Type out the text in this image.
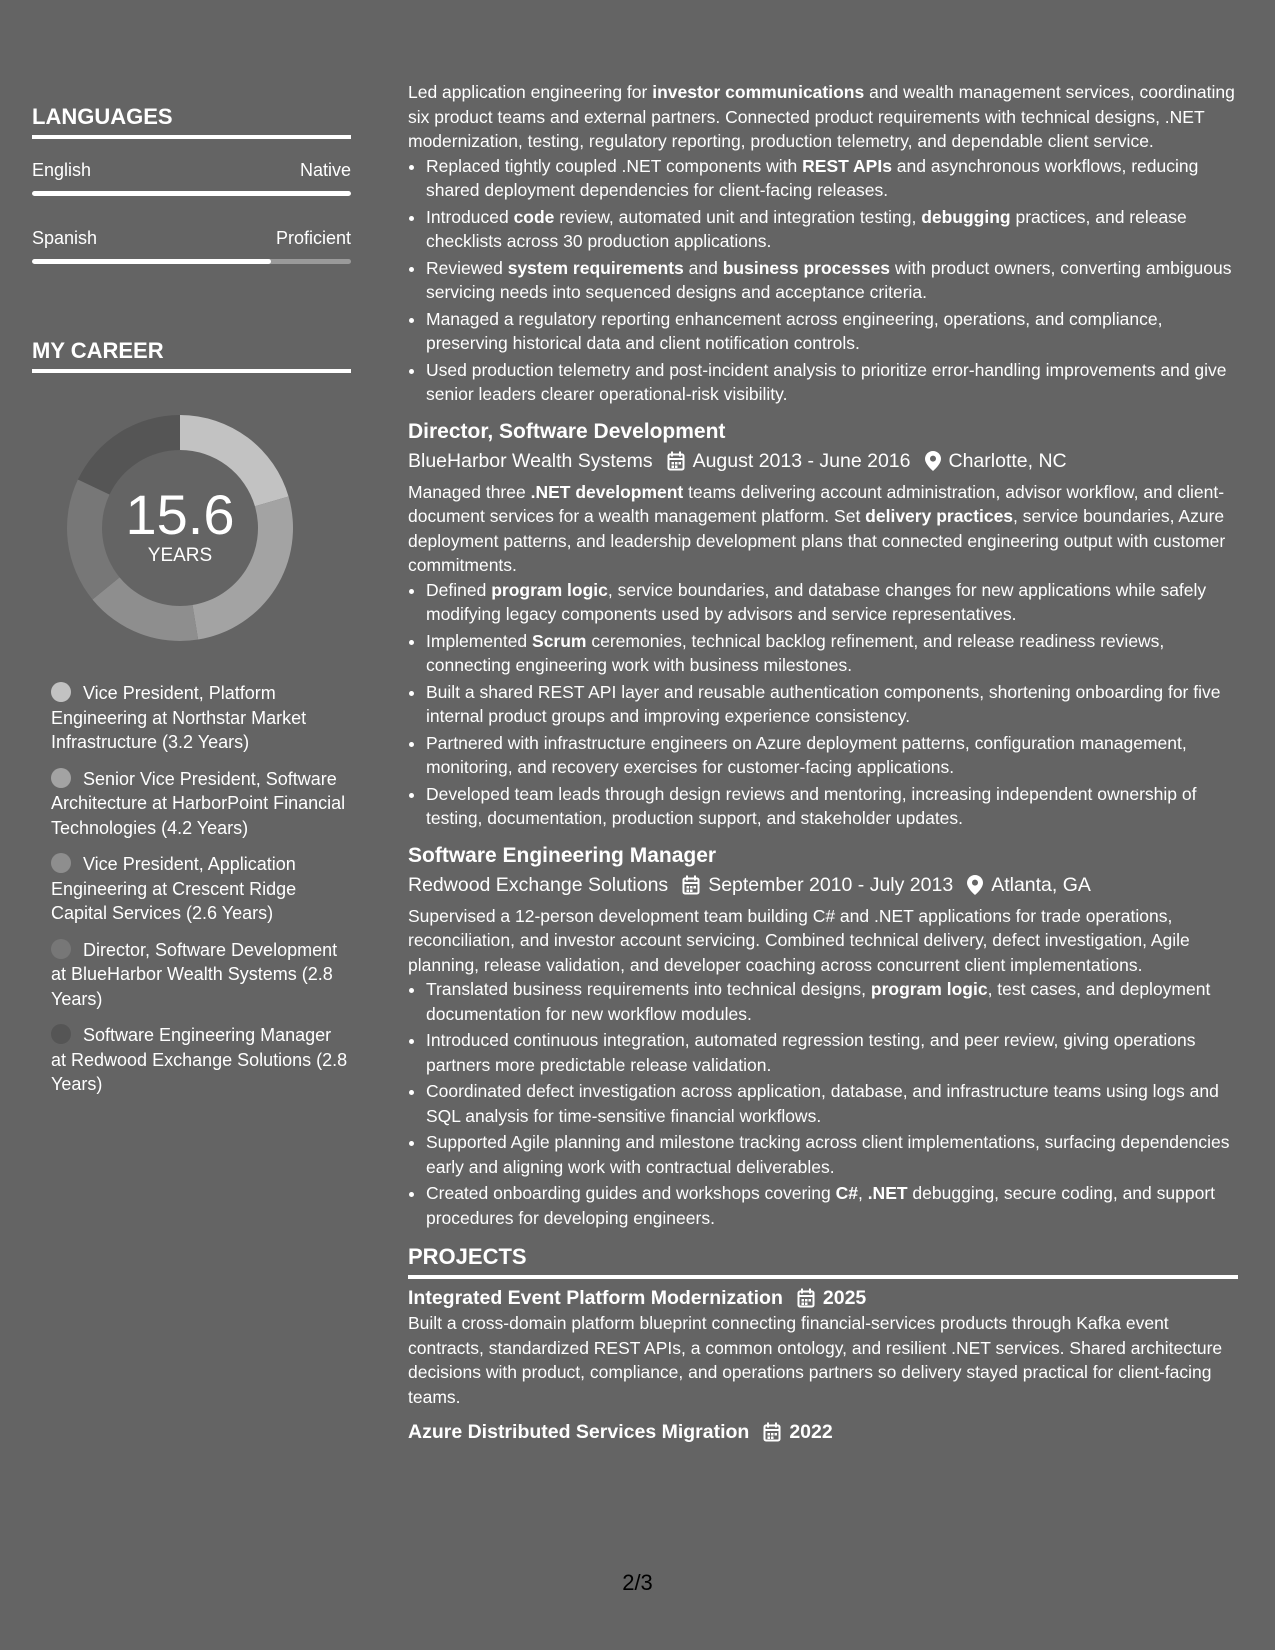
LANGUAGES
English	Native
Spanish	Proficient
MY CAREER
15.6
YEARS
Vice President, Platform Engineering at Northstar Market Infrastructure (3.2 Years)
Senior Vice President, Software Architecture at HarborPoint Financial Technologies (4.2 Years)
Vice President, Application Engineering at Crescent Ridge Capital Services (2.6 Years)
Director, Software Development at BlueHarbor Wealth Systems (2.8 Years)
Software Engineering Manager at Redwood Exchange Solutions (2.8 Years)

Led application engineering for investor communications and wealth management services, coordinating six product teams and external partners. Connected product requirements with technical designs, .NET modernization, testing, regulatory reporting, production telemetry, and dependable client service.

• Replaced tightly coupled .NET components with REST APIs and asynchronous workflows, reducing shared deployment dependencies for client-facing releases.
• Introduced code review, automated unit and integration testing, debugging practices, and release checklists across 30 production applications.
• Reviewed system requirements and business processes with product owners, converting ambiguous servicing needs into sequenced designs and acceptance criteria.
• Managed a regulatory reporting enhancement across engineering, operations, and compliance, preserving historical data and client notification controls.
• Used production telemetry and post-incident analysis to prioritize error-handling improvements and give senior leaders clearer operational-risk visibility.
Director, Software Development
BlueHarbor Wealth Systems August 2013 - June 2016 Charlotte, NC

Managed three .NET development teams delivering account administration, advisor workflow, and client-document services for a wealth management platform. Set delivery practices, service boundaries, Azure deployment patterns, and leadership development plans that connected engineering output with customer commitments.

• Defined program logic, service boundaries, and database changes for new applications while safely modifying legacy components used by advisors and service representatives.
• Implemented Scrum ceremonies, technical backlog refinement, and release readiness reviews, connecting engineering work with business milestones.
• Built a shared REST API layer and reusable authentication components, shortening onboarding for five internal product groups and improving experience consistency.
• Partnered with infrastructure engineers on Azure deployment patterns, configuration management, monitoring, and recovery exercises for customer-facing applications.
• Developed team leads through design reviews and mentoring, increasing independent ownership of testing, documentation, production support, and stakeholder updates.
Software Engineering Manager
Redwood Exchange Solutions September 2010 - July 2013 Atlanta, GA

Supervised a 12-person development team building C# and .NET applications for trade operations, reconciliation, and investor account servicing. Combined technical delivery, defect investigation, Agile planning, release validation, and developer coaching across concurrent client implementations.

• Translated business requirements into technical designs, program logic, test cases, and deployment documentation for new workflow modules.
• Introduced continuous integration, automated regression testing, and peer review, giving operations partners more predictable release validation.
• Coordinated defect investigation across application, database, and infrastructure teams using logs and SQL analysis for time-sensitive financial workflows.
• Supported Agile planning and milestone tracking across client implementations, surfacing dependencies early and aligning work with contractual deliverables.
• Created onboarding guides and workshops covering C#, .NET debugging, secure coding, and support procedures for developing engineers.
PROJECTS
Integrated Event Platform Modernization 2025

Built a cross-domain platform blueprint connecting financial-services products through Kafka event contracts, standardized REST APIs, a common ontology, and resilient .NET services. Shared architecture decisions with product, compliance, and operations partners so delivery stayed practical for client-facing teams.

Azure Distributed Services Migration 2022
2/3
